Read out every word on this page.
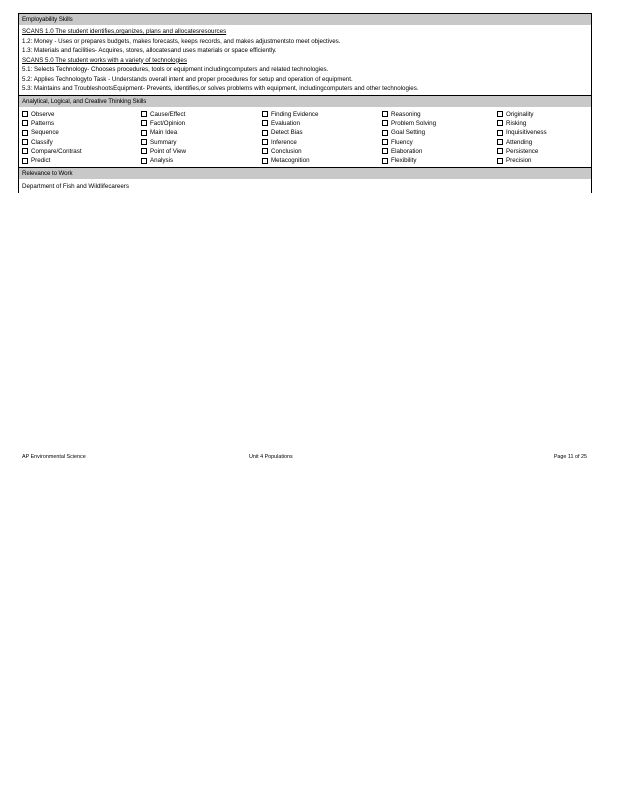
Employability Skills
SCANS 1.0 The student identifies,organizes, plans and allocatesresources
1.2: Money - Uses or prepares budgets, makes forecasts, keeps records, and makes adjustmentsto meet objectives.
1.3: Materials and facilities- Acquires, stores, allocatesand uses materials or space efficiently.
SCANS 5.0 The student works with a variety of technologies
5.1: Selects Technology- Chooses procedures, tools or equipment includingcomputers and related technologies.
5.2: Applies Technologyto Task - Understands overall intent and proper procedures for setup and operation of equipment.
5.3: Maintains and TroubleshootsEquipment- Prevents, identifies,or solves problems with equipment, includingcomputers and other technologies.
Analytical, Logical, and Creative Thinking Skills
Observe
Patterns
Sequence
Classify
Compare/Contrast
Predict
Cause/Effect
Fact/Opinion
Main Idea
Summary
Point of View
Analysis
Finding Evidence
Evaluation
Detect Bias
Inference
Conclusion
Metacognition
Reasoning
Problem Solving
Goal Setting
Fluency
Elaboration
Flexibility
Originality
Risking
Inquisitiveness
Attending
Persistence
Precision
Relevance to Work
Department of Fish and Wildlifecareers
AP Environmental Science	Unit 4 Populations	Page 11 of 25
